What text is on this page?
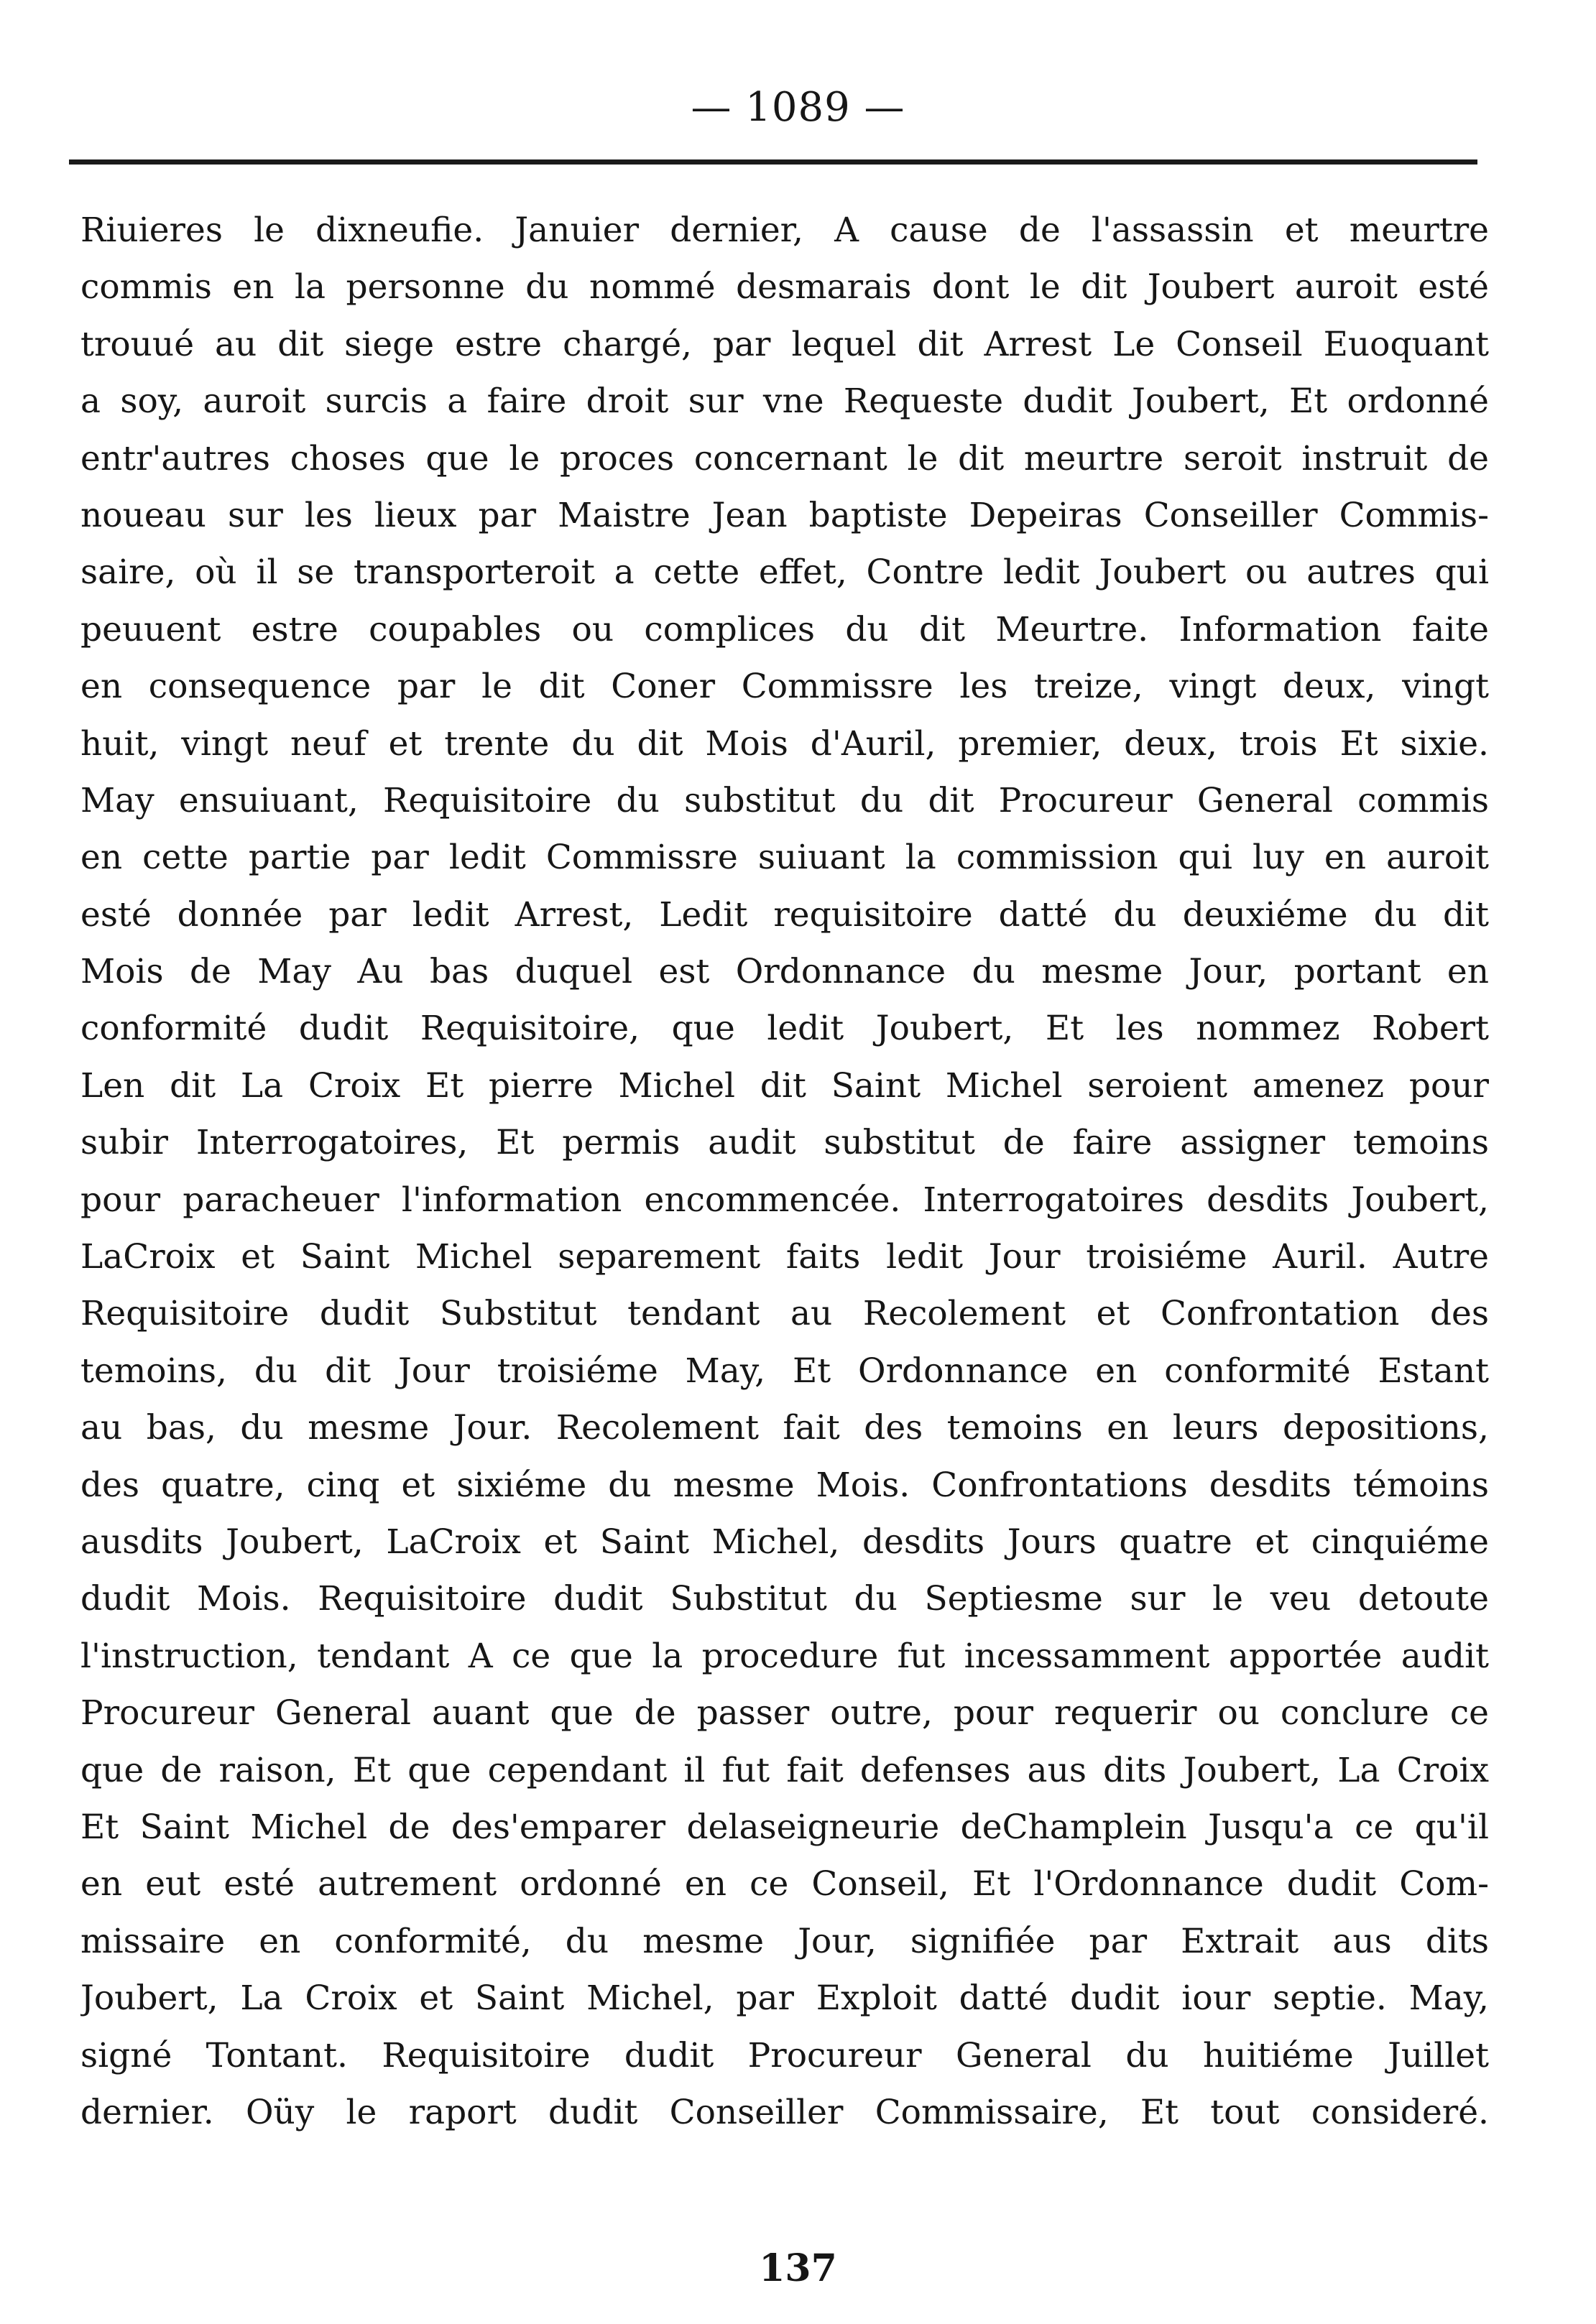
— 1089 —
Riuieres le dixneufie. Januier dernier, A cause de l'assassin et meurtre
commis en la personne du nommé desmarais dont le dit Joubert auroit esté
trouué au dit siege estre chargé, par lequel dit Arrest Le Conseil Euoquant
a soy, auroit surcis a faire droit sur vne Requeste dudit Joubert, Et ordonné
entr'autres choses que le proces concernant le dit meurtre seroit instruit de
noueau sur les lieux par Maistre Jean baptiste Depeiras Conseiller Commis-
saire, où il se transporteroit a cette effet, Contre ledit Joubert ou autres qui
peuuent estre coupables ou complices du dit Meurtre. Information faite
en consequence par le dit Coner Commissre les treize, vingt deux, vingt
huit, vingt neuf et trente du dit Mois d'Auril, premier, deux, trois Et sixie.
May ensuiuant, Requisitoire du substitut du dit Procureur General commis
en cette partie par ledit Commissre suiuant la commission qui luy en auroit
esté donnée par ledit Arrest, Ledit requisitoire datté du deuxiéme du dit
Mois de May Au bas duquel est Ordonnance du mesme Jour, portant en
conformité dudit Requisitoire, que ledit Joubert, Et les nommez Robert
Len dit La Croix Et pierre Michel dit Saint Michel seroient amenez pour
subir Interrogatoires, Et permis audit substitut de faire assigner temoins
pour paracheuer l'information encommencée. Interrogatoires desdits Joubert,
LaCroix et Saint Michel separement faits ledit Jour troisiéme Auril. Autre
Requisitoire dudit Substitut tendant au Recolement et Confrontation des
temoins, du dit Jour troisiéme May, Et Ordonnance en conformité Estant
au bas, du mesme Jour. Recolement fait des temoins en leurs depositions,
des quatre, cinq et sixiéme du mesme Mois. Confrontations desdits témoins
ausdits Joubert, LaCroix et Saint Michel, desdits Jours quatre et cinquiéme
dudit Mois. Requisitoire dudit Substitut du Septiesme sur le veu detoute
l'instruction, tendant A ce que la procedure fut incessamment apportée audit
Procureur General auant que de passer outre, pour requerir ou conclure ce
que de raison, Et que cependant il fut fait defenses aus dits Joubert, La Croix
Et Saint Michel de des'emparer delaseigneurie deChamplein Jusqu'a ce qu'il
en eut esté autrement ordonné en ce Conseil, Et l'Ordonnance dudit Com-
missaire en conformité, du mesme Jour, signifiée par Extrait aus dits
Joubert, La Croix et Saint Michel, par Exploit datté dudit iour septie. May,
signé Tontant. Requisitoire dudit Procureur General du huitiéme Juillet
dernier. Oüy le raport dudit Conseiller Commissaire, Et tout consideré.
137
